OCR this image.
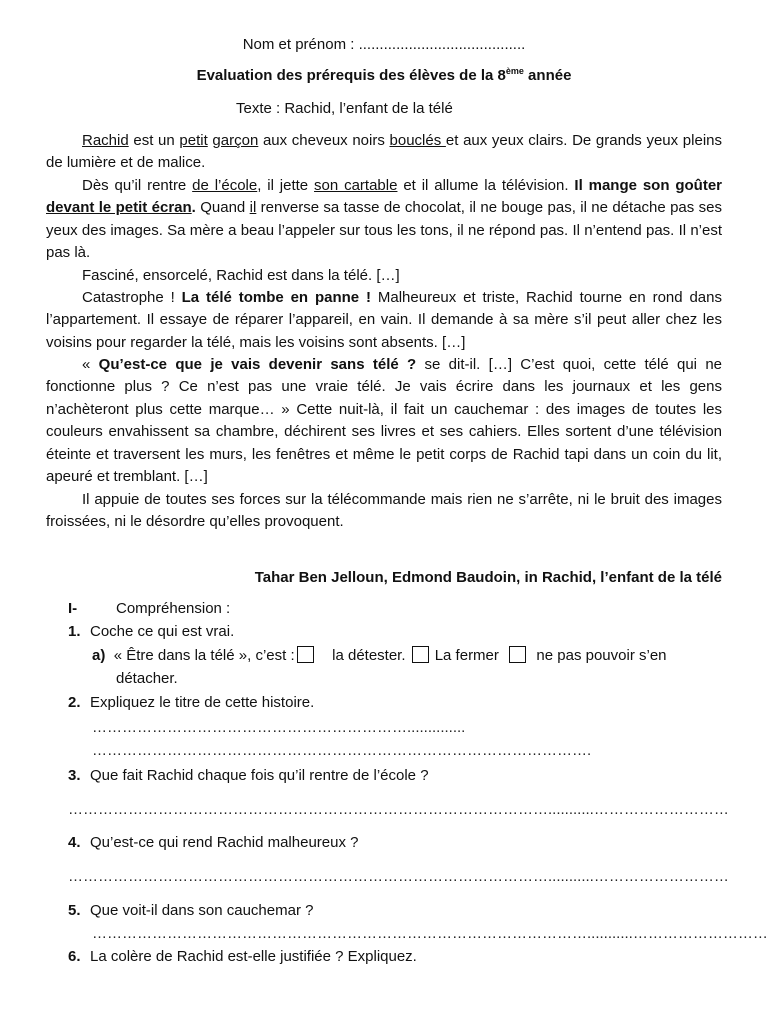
Nom et prénom : ........................................
Evaluation des prérequis des élèves de la 8ème année
Texte : Rachid, l’enfant de la télé

Rachid est un petit garçon aux cheveux noirs bouclés et aux yeux clairs. De grands yeux pleins de lumière et de malice.

Dès qu’il rentre de l’école, il jette son cartable et il allume la télévision. Il mange son goûter devant le petit écran. Quand il renverse sa tasse de chocolat, il ne bouge pas, il ne détache pas ses yeux des images. Sa mère a beau l’appeler sur tous les tons, il ne répond pas. Il n’entend pas. Il n’est pas là.

Fasciné, ensorcelé, Rachid est dans la télé. […]

Catastrophe ! La télé tombe en panne ! Malheureux et triste, Rachid tourne en rond dans l’appartement. Il essaye de réparer l’appareil, en vain. Il demande à sa mère s’il peut aller chez les voisins pour regarder la télé, mais les voisins sont absents. […]

« Qu’est-ce que je vais devenir sans télé ? se dit-il. […] C’est quoi, cette télé qui ne fonctionne plus ? Ce n’est pas une vraie télé. Je vais écrire dans les journaux et les gens n’achèteront plus cette marque… » Cette nuit-là, il fait un cauchemar : des images de toutes les couleurs envahissent sa chambre, déchirent ses livres et ses cahiers. Elles sortent d’une télévision éteinte et traversent les murs, les fenêtres et même le petit corps de Rachid tapi dans un coin du lit, apeuré et tremblant. […]

Il appuie de toutes ses forces sur la télécommande mais rien ne s’arrête, ni le bruit des images froissées, ni le désordre qu’elles provoquent.

Tahar Ben Jelloun, Edmond Baudoin, in Rachid, l’enfant de la télé
I-	Compréhension :
1. Coche ce qui est vrai.
a) « Être dans la télé », c’est :	la détester. La fermer	ne pas pouvoir s’en
détacher.
2. Expliquez le titre de cette histoire.
………………………………………………………..............
……………………………………………………………………………………….
3. Que fait Rachid chaque fois qu’il rentre de l’école ?
……………………………………………………………………………………...........………………………
4. Qu’est-ce qui rend Rachid malheureux ?
……………………………………………………………………………………...........………………………
5. Que voit-il dans son cauchemar ?
………………………………………………………………………………………...........………………………
6. La colère de Rachid est-elle justifiée ? Expliquez.
